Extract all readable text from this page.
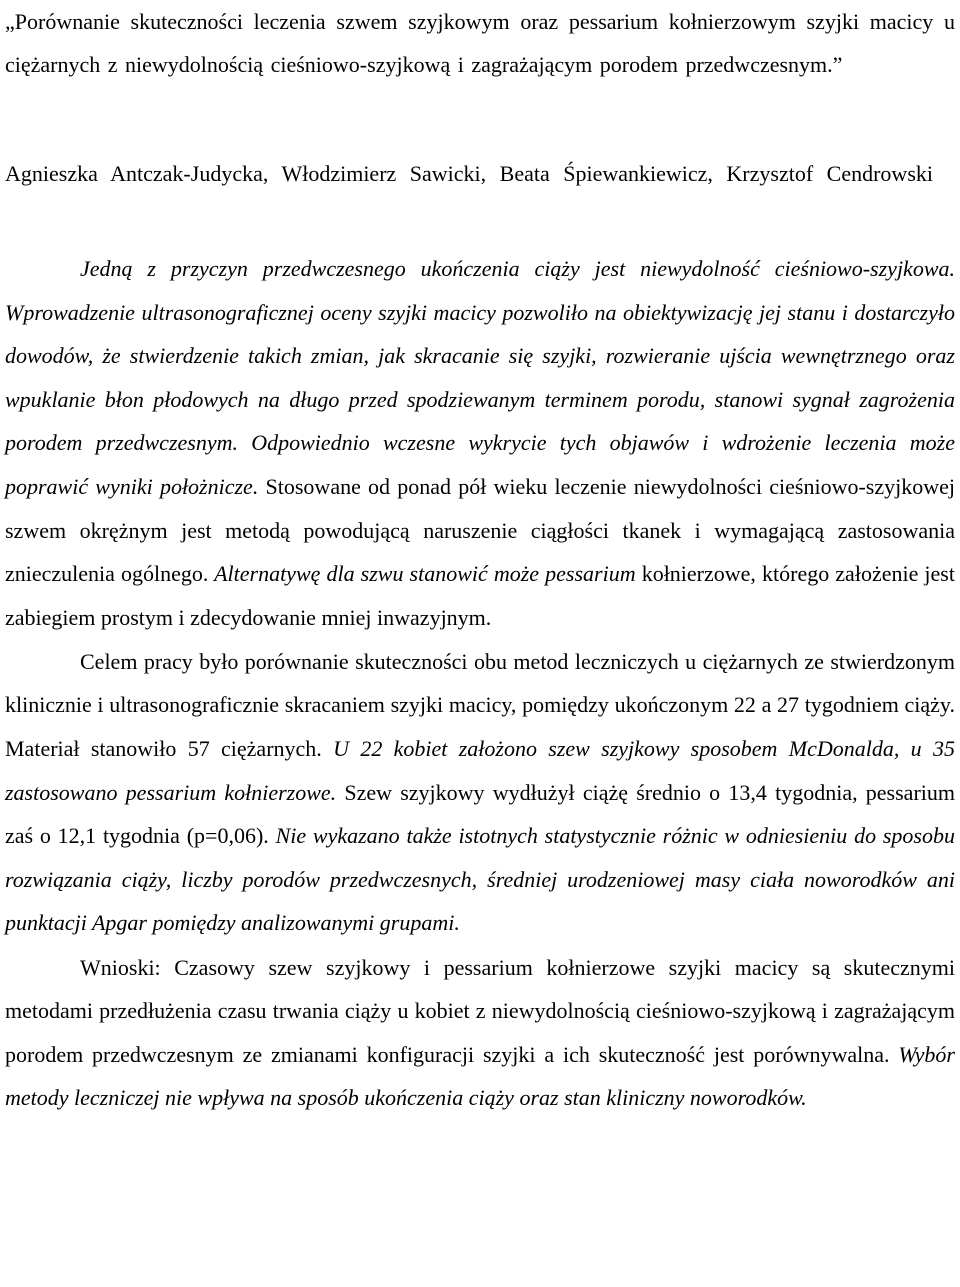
„Porównanie skuteczności leczenia szwem szyjkowym oraz pessarium kołnierzowym szyjki macicy u ciężarnych z niewydolnością cieśniowo-szyjkową i zagrażającym porodem przedwczesnym.”

Agnieszka Antczak-Judycka, Włodzimierz Sawicki, Beata Śpiewankiewicz, Krzysztof Cendrowski

Jedną z przyczyn przedwczesnego ukończenia ciąży jest niewydolność cieśniowo-szyjkowa. Wprowadzenie ultrasonograficznej oceny szyjki macicy pozwoliło na obiektywizację jej stanu i dostarczyło dowodów, że stwierdzenie takich zmian, jak skracanie się szyjki, rozwieranie ujścia wewnętrznego oraz wpuklanie błon płodowych na długo przed spodziewanym terminem porodu, stanowi sygnał zagrożenia porodem przedwczesnym. Odpowiednio wczesne wykrycie tych objawów i wdrożenie leczenia może poprawić wyniki położnicze. Stosowane od ponad pół wieku leczenie niewydolności cieśniowo-szyjkowej szwem okrężnym jest metodą powodującą naruszenie ciągłości tkanek i wymagającą zastosowania znieczulenia ogólnego. Alternatywę dla szwu stanowić może pessarium kołnierzowe, którego założenie jest zabiegiem prostym i zdecydowanie mniej inwazyjnym.

Celem pracy było porównanie skuteczności obu metod leczniczych u ciężarnych ze stwierdzonym klinicznie i ultrasonograficznie skracaniem szyjki macicy, pomiędzy ukończonym 22 a 27 tygodniem ciąży. Materiał stanowiło 57 ciężarnych. U 22 kobiet założono szew szyjkowy sposobem McDonalda, u 35 zastosowano pessarium kołnierzowe. Szew szyjkowy wydłużył ciążę średnio o 13,4 tygodnia, pessarium zaś o 12,1 tygodnia (p=0,06). Nie wykazano także istotnych statystycznie różnic w odniesieniu do sposobu rozwiązania ciąży, liczby porodów przedwczesnych, średniej urodzeniowej masy ciała noworodków ani punktacji Apgar pomiędzy analizowanymi grupami.

Wnioski: Czasowy szew szyjkowy i pessarium kołnierzowe szyjki macicy są skutecznymi metodami przedłużenia czasu trwania ciąży u kobiet z niewydolnością cieśniowo-szyjkową i zagrażającym porodem przedwczesnym ze zmianami konfiguracji szyjki a ich skuteczność jest porównywalna. Wybór metody leczniczej nie wpływa na sposób ukończenia ciąży oraz stan kliniczny noworodków.
